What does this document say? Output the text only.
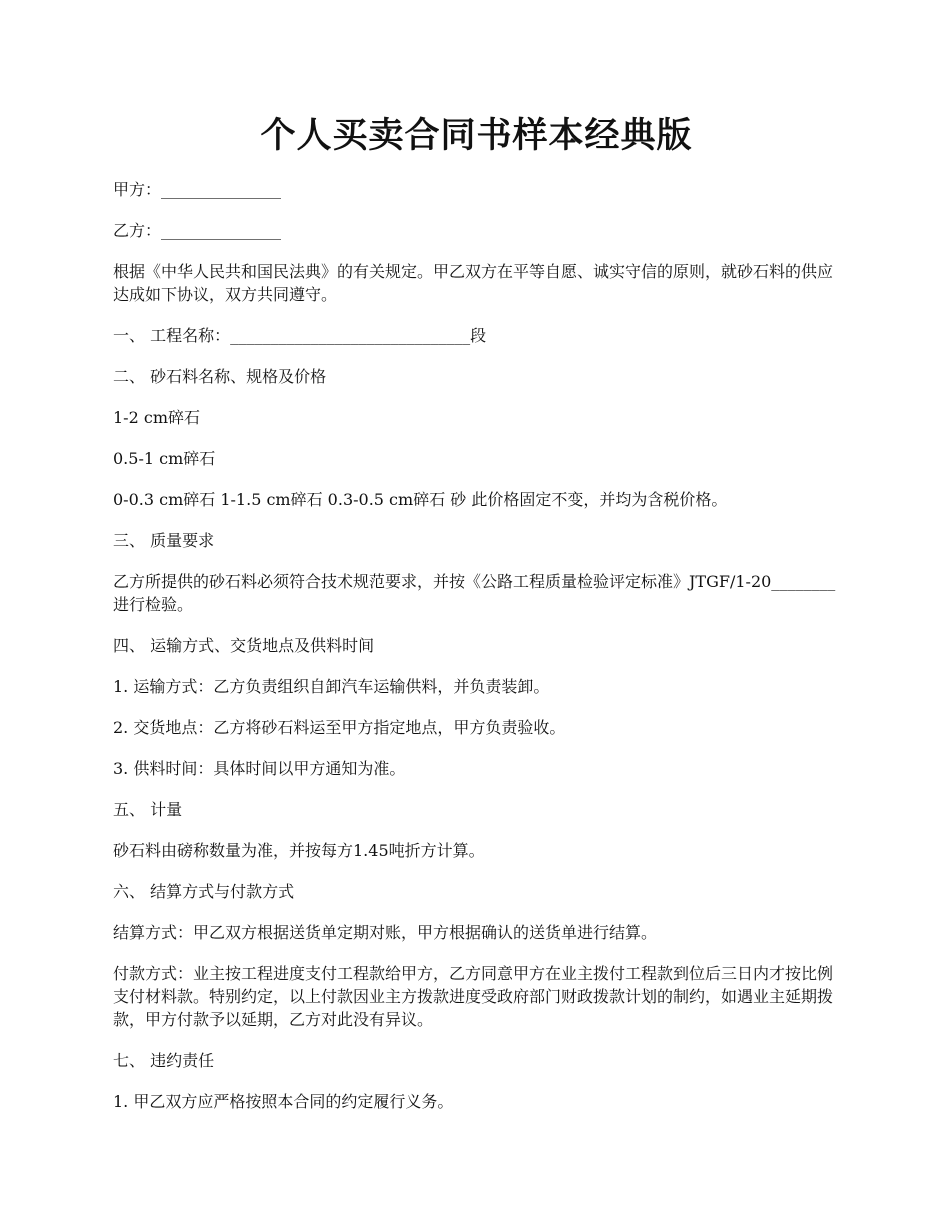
个人买卖合同书样本经典版

甲方：_______________

乙方：_______________

根据《中华人民共和国民法典》的有关规定。甲乙双方在平等自愿、诚实守信的原则，就砂石料的供应达成如下协议，双方共同遵守。

一、 工程名称：______________________________段

二、 砂石料名称、规格及价格

1-2 cm碎石

0.5-1 cm碎石

0-0.3 cm碎石 1-1.5 cm碎石 0.3-0.5 cm碎石 砂 此价格固定不变，并均为含税价格。

三、 质量要求

乙方所提供的砂石料必须符合技术规范要求，并按《公路工程质量检验评定标准》JTGF/1-20________进行检验。

四、 运输方式、交货地点及供料时间

1. 运输方式：乙方负责组织自卸汽车运输供料，并负责装卸。

2. 交货地点：乙方将砂石料运至甲方指定地点，甲方负责验收。

3. 供料时间：具体时间以甲方通知为准。

五、 计量

砂石料由磅称数量为准，并按每方1.45吨折方计算。

六、 结算方式与付款方式

结算方式：甲乙双方根据送货单定期对账，甲方根据确认的送货单进行结算。

付款方式：业主按工程进度支付工程款给甲方，乙方同意甲方在业主拨付工程款到位后三日内才按比例支付材料款。特别约定，以上付款因业主方拨款进度受政府部门财政拨款计划的制约，如遇业主延期拨款，甲方付款予以延期，乙方对此没有异议。

七、 违约责任

1. 甲乙双方应严格按照本合同的约定履行义务。
